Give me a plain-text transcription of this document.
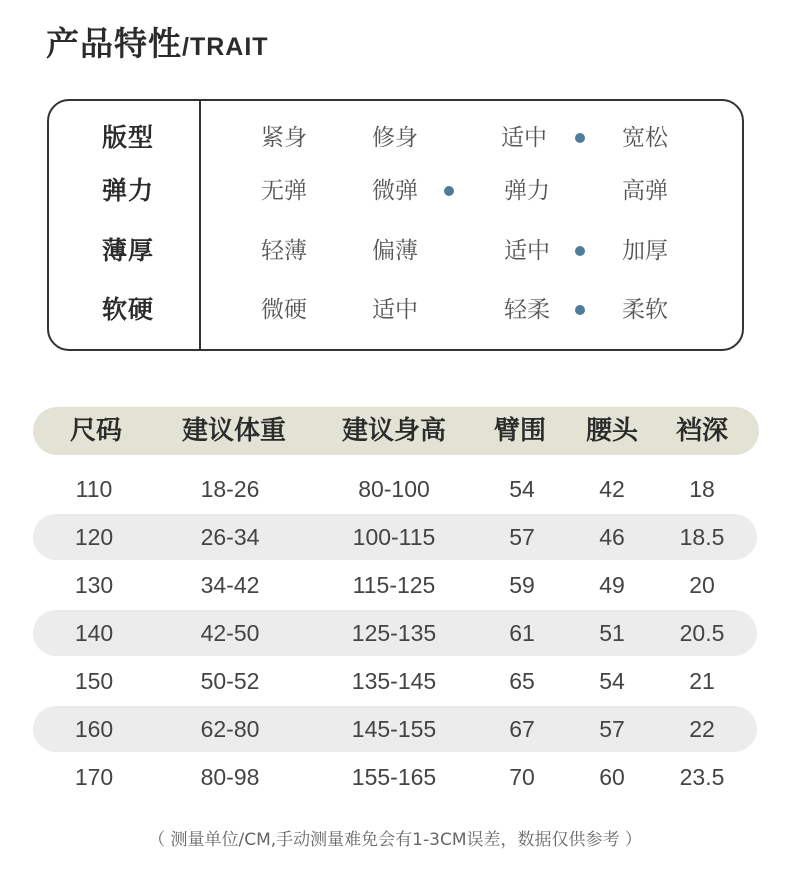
产品特性/TRAIT
版型	紧身	修身	适中	宽松
弹力	无弹	微弹	弹力	高弹
薄厚	轻薄	偏薄	适中	加厚
软硬	微硬	适中	轻柔	柔软
尺码 建议体重 建议身高 臂围 腰头 裆深
110	18-26	80-100	54	42	18
120	26-34	100-115	57	46 18.5
130	34-42	115-125	59	49	20
140	42-50	125-135	61	51 20.5
150	50-52	135-145	65	54	21
160	62-80	145-155	67	57	22
170	80-98	155-165	70	60 23.5
（ 测量单位/CM,手动测量难免会有1-3CM误差，数据仅供参考 ）
